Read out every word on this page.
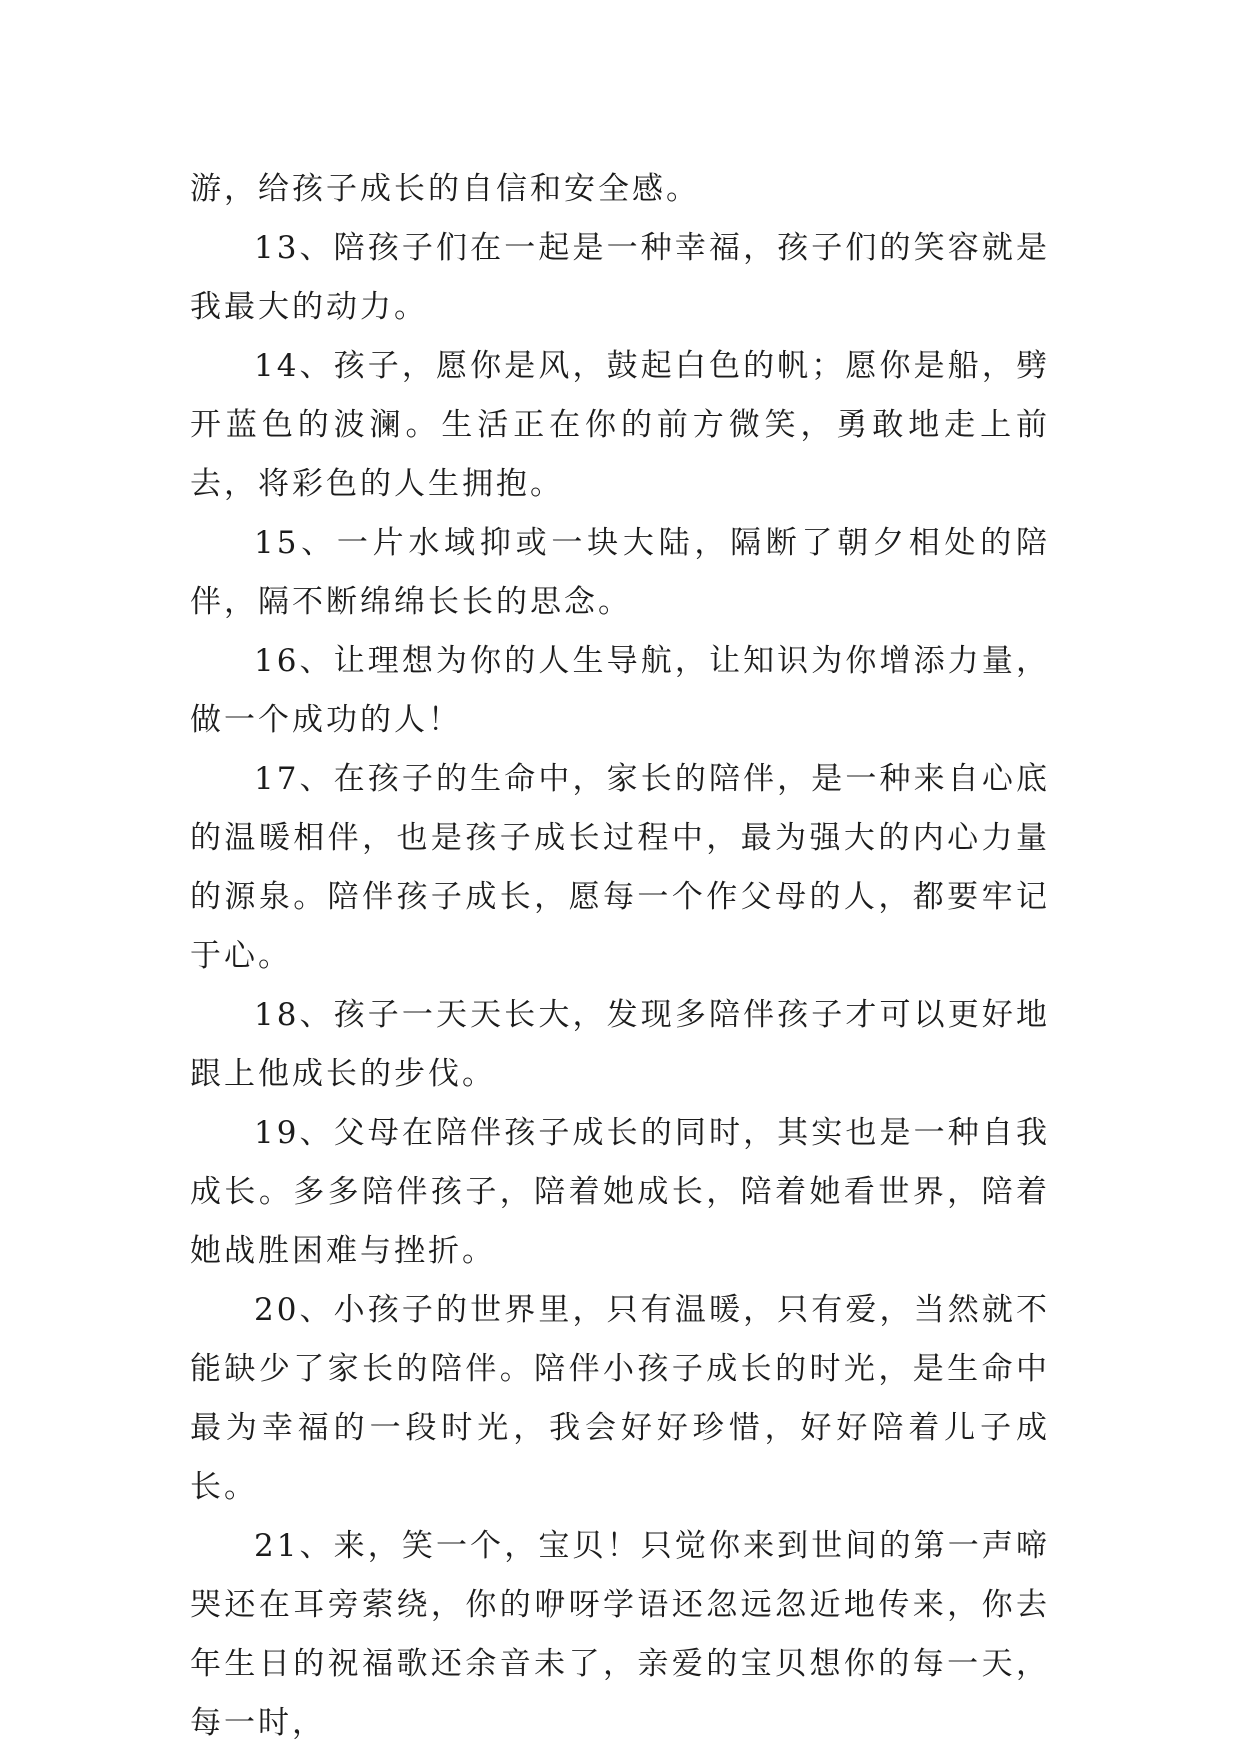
游，给孩子成长的自信和安全感。

13、陪孩子们在一起是一种幸福，孩子们的笑容就是我最大的动力。

14、孩子，愿你是风，鼓起白色的帆；愿你是船，劈开蓝色的波澜。生活正在你的前方微笑，勇敢地走上前去，将彩色的人生拥抱。

15、一片水域抑或一块大陆，隔断了朝夕相处的陪伴，隔不断绵绵长长的思念。

16、让理想为你的人生导航，让知识为你增添力量，做一个成功的人！

17、在孩子的生命中，家长的陪伴，是一种来自心底的温暖相伴，也是孩子成长过程中，最为强大的内心力量的源泉。陪伴孩子成长，愿每一个作父母的人，都要牢记于心。

18、孩子一天天长大，发现多陪伴孩子才可以更好地跟上他成长的步伐。

19、父母在陪伴孩子成长的同时，其实也是一种自我成长。多多陪伴孩子，陪着她成长，陪着她看世界，陪着她战胜困难与挫折。

20、小孩子的世界里，只有温暖，只有爱，当然就不能缺少了家长的陪伴。陪伴小孩子成长的时光，是生命中最为幸福的一段时光，我会好好珍惜，好好陪着儿子成长。

21、来，笑一个，宝贝！只觉你来到世间的第一声啼哭还在耳旁萦绕，你的咿呀学语还忽远忽近地传来，你去年生日的祝福歌还余音未了，亲爱的宝贝想你的每一天，每一时，
